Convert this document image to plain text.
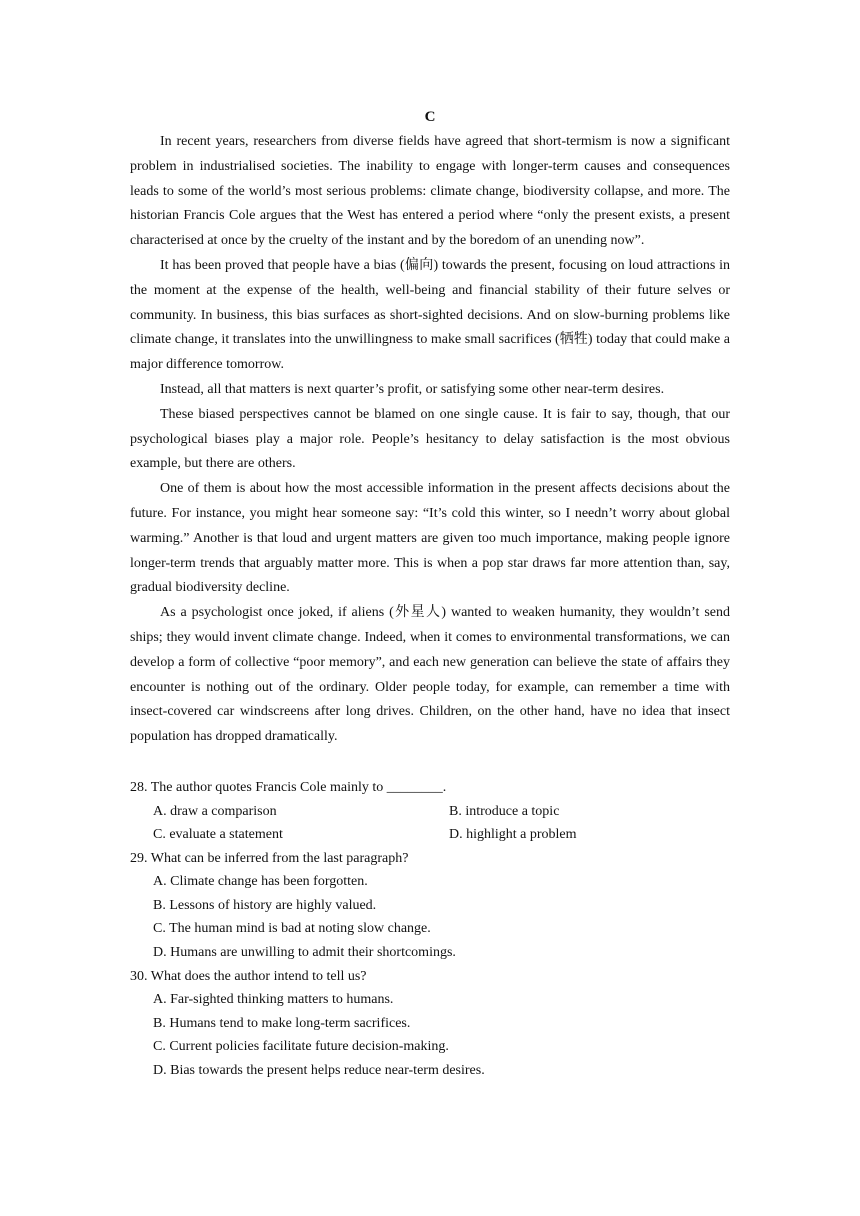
C

In recent years, researchers from diverse fields have agreed that short-termism is now a significant problem in industrialised societies. The inability to engage with longer-term causes and consequences leads to some of the world’s most serious problems: climate change, biodiversity collapse, and more. The historian Francis Cole argues that the West has entered a period where “only the present exists, a present characterised at once by the cruelty of the instant and by the boredom of an unending now”.

It has been proved that people have a bias (偏向) towards the present, focusing on loud attractions in the moment at the expense of the health, well-being and financial stability of their future selves or community. In business, this bias surfaces as short-sighted decisions. And on slow-burning problems like climate change, it translates into the unwillingness to make small sacrifices (牺牲) today that could make a major difference tomorrow.

Instead, all that matters is next quarter’s profit, or satisfying some other near-term desires.

These biased perspectives cannot be blamed on one single cause. It is fair to say, though, that our psychological biases play a major role. People’s hesitancy to delay satisfaction is the most obvious example, but there are others.

One of them is about how the most accessible information in the present affects decisions about the future. For instance, you might hear someone say: “It’s cold this winter, so I needn’t worry about global warming.” Another is that loud and urgent matters are given too much importance, making people ignore longer-term trends that arguably matter more. This is when a pop star draws far more attention than, say, gradual biodiversity decline.

As a psychologist once joked, if aliens (外星人) wanted to weaken humanity, they wouldn’t send ships; they would invent climate change. Indeed, when it comes to environmental transformations, we can develop a form of collective “poor memory”, and each new generation can believe the state of affairs they encounter is nothing out of the ordinary. Older people today, for example, can remember a time with insect-covered car windscreens after long drives. Children, on the other hand, have no idea that insect population has dropped dramatically.

28. The author quotes Francis Cole mainly to ________.

A. draw a comparison	B. introduce a topic
C. evaluate a statement	D. highlight a problem

29. What can be inferred from the last paragraph?

A. Climate change has been forgotten.

B. Lessons of history are highly valued.

C. The human mind is bad at noting slow change.

D. Humans are unwilling to admit their shortcomings.

30. What does the author intend to tell us?

A. Far-sighted thinking matters to humans.

B. Humans tend to make long-term sacrifices.

C. Current policies facilitate future decision-making.

D. Bias towards the present helps reduce near-term desires.
